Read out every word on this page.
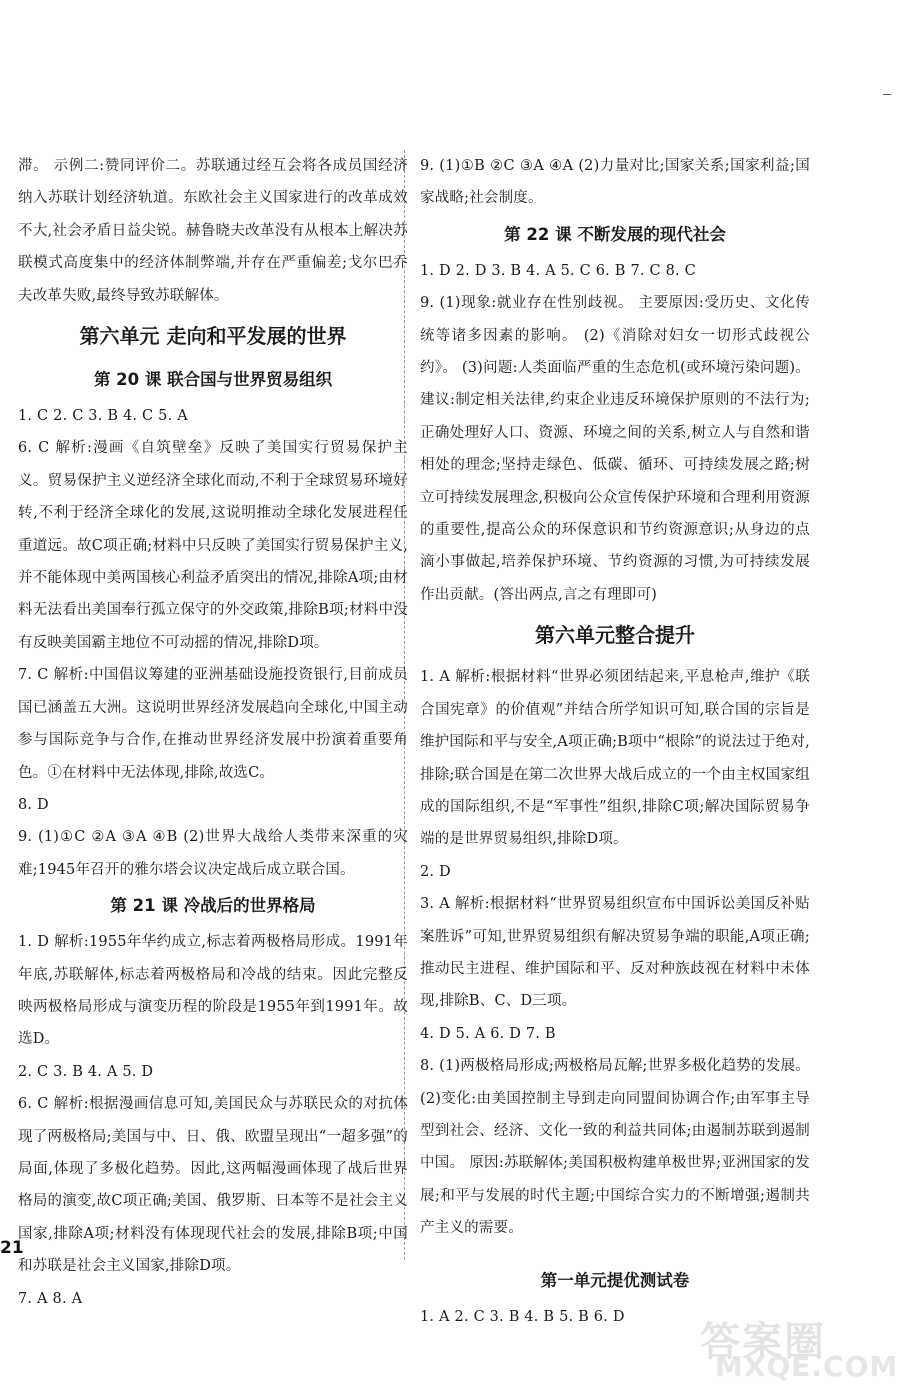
滞。 示例二:赞同评价二。苏联通过经互会将各成员国经济纳入苏联计划经济轨道。东欧社会主义国家进行的改革成效不大,社会矛盾日益尖锐。赫鲁晓夫改革没有从根本上解决苏联模式高度集中的经济体制弊端,并存在严重偏差;戈尔巴乔夫改革失败,最终导致苏联解体。

第六单元 走向和平发展的世界
第 20 课 联合国与世界贸易组织

1. C 2. C 3. B 4. C 5. A

6. C 解析:漫画《自筑壁垒》反映了美国实行贸易保护主义。贸易保护主义逆经济全球化而动,不利于全球贸易环境好转,不利于经济全球化的发展,这说明推动全球化发展进程任重道远。故C项正确;材料中只反映了美国实行贸易保护主义,并不能体现中美两国核心利益矛盾突出的情况,排除A项;由材料无法看出美国奉行孤立保守的外交政策,排除B项;材料中没有反映美国霸主地位不可动摇的情况,排除D项。

7. C 解析:中国倡议筹建的亚洲基础设施投资银行,目前成员国已涵盖五大洲。这说明世界经济发展趋向全球化,中国主动参与国际竞争与合作,在推动世界经济发展中扮演着重要角色。①在材料中无法体现,排除,故选C。

8. D

9. (1)①C ②A ③A ④B (2)世界大战给人类带来深重的灾难;1945年召开的雅尔塔会议决定战后成立联合国。

第 21 课 冷战后的世界格局

1. D 解析:1955年华约成立,标志着两极格局形成。1991年年底,苏联解体,标志着两极格局和冷战的结束。因此完整反映两极格局形成与演变历程的阶段是1955年到1991年。故选D。

2. C 3. B 4. A 5. D

6. C 解析:根据漫画信息可知,美国民众与苏联民众的对抗体现了两极格局;美国与中、日、俄、欧盟呈现出“一超多强”的局面,体现了多极化趋势。因此,这两幅漫画体现了战后世界格局的演变,故C项正确;美国、俄罗斯、日本等不是社会主义国家,排除A项;材料没有体现现代社会的发展,排除B项;中国和苏联是社会主义国家,排除D项。

7. A 8. A

9. (1)①B ②C ③A ④A (2)力量对比;国家关系;国家利益;国家战略;社会制度。

第 22 课 不断发展的现代社会

1. D 2. D 3. B 4. A 5. C 6. B 7. C 8. C

9. (1)现象:就业存在性别歧视。 主要原因:受历史、文化传统等诸多因素的影响。 (2)《消除对妇女一切形式歧视公约》。 (3)问题:人类面临严重的生态危机(或环境污染问题)。 建议:制定相关法律,约束企业违反环境保护原则的不法行为;正确处理好人口、资源、环境之间的关系,树立人与自然和谐相处的理念;坚持走绿色、低碳、循环、可持续发展之路;树立可持续发展理念,积极向公众宣传保护环境和合理利用资源的重要性,提高公众的环保意识和节约资源意识;从身边的点滴小事做起,培养保护环境、节约资源的习惯,为可持续发展作出贡献。(答出两点,言之有理即可)

第六单元整合提升

1. A 解析:根据材料“世界必须团结起来,平息枪声,维护《联合国宪章》的价值观”并结合所学知识可知,联合国的宗旨是维护国际和平与安全,A项正确;B项中“根除”的说法过于绝对,排除;联合国是在第二次世界大战后成立的一个由主权国家组成的国际组织,不是“军事性”组织,排除C项;解决国际贸易争端的是世界贸易组织,排除D项。

2. D

3. A 解析:根据材料“世界贸易组织宣布中国诉讼美国反补贴案胜诉”可知,世界贸易组织有解决贸易争端的职能,A项正确;推动民主进程、维护国际和平、反对种族歧视在材料中未体现,排除B、C、D三项。

4. D 5. A 6. D 7. B

8. (1)两极格局形成;两极格局瓦解;世界多极化趋势的发展。 (2)变化:由美国控制主导到走向同盟间协调合作;由军事主导型到社会、经济、文化一致的利益共同体;由遏制苏联到遏制中国。 原因:苏联解体;美国积极构建单极世界;亚洲国家的发展;和平与发展的时代主题;中国综合实力的不断增强;遏制共产主义的需要。

第一单元提优测试卷

1. A 2. C 3. B 4. B 5. B 6. D

21
答案圈
MXQE.COM
